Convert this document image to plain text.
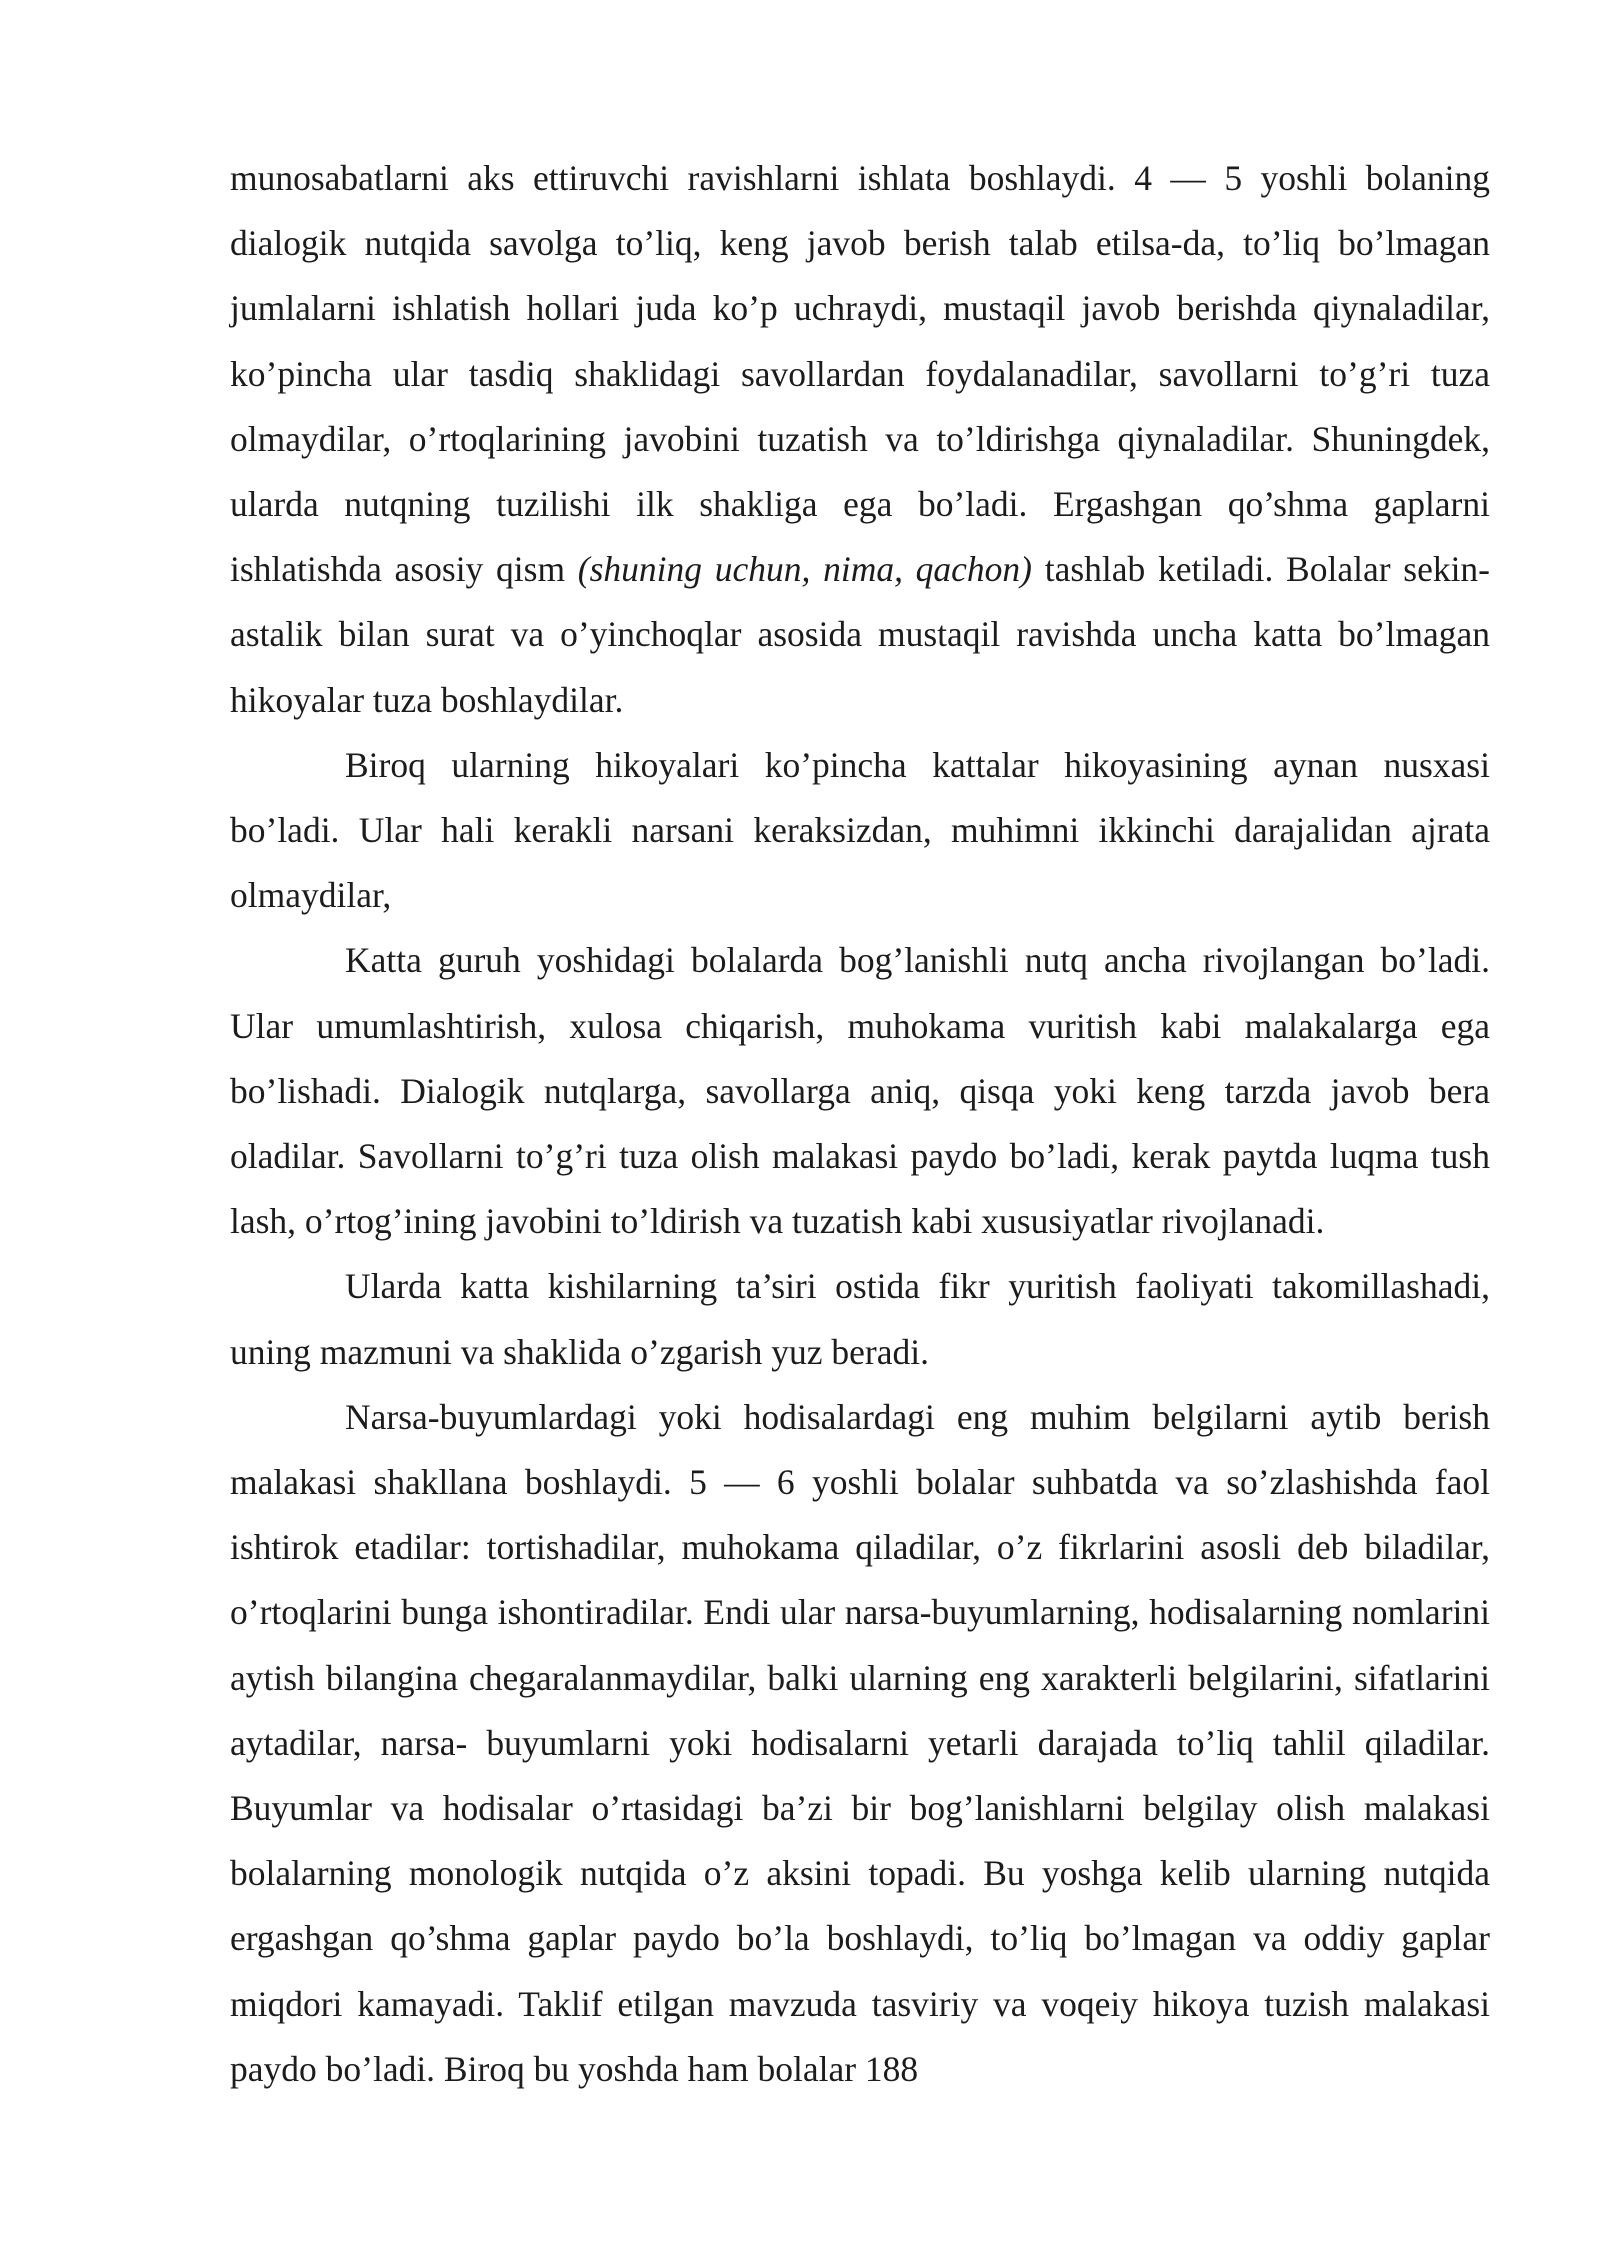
munosabatlarni aks ettiruvchi ravishlarni ishlata boshlaydi. 4 — 5 yoshli bolaning dialogik nutqida savolga to’liq, keng javob berish talab etilsa-da, to’liq bo’lmagan jumlalarni ishlatish hollari juda ko’p uchraydi, mustaqil javob berishda qiynaladilar, ko’pincha ular tasdiq shaklidagi savollardan foydalanadilar, savollarni to’g’ri tuza olmaydilar, o’rtoqlarining javobini tuzatish va to’ldirishga qiynaladilar. Shuningdek, ularda nutqning tuzilishi ilk shakliga ega bo’ladi. Ergashgan qo’shma gaplarni ishlatishda asosiy qism (shuning uchun, nima, qachon) tashlab ketiladi. Bolalar sekin-astalik bilan surat va o’yinchoqlar asosida mustaqil ravishda uncha katta bo’lmagan hikoyalar tuza boshlaydilar.

Biroq ularning hikoyalari ko’pincha kattalar hikoyasining aynan nusxasi bo’ladi. Ular hali kerakli narsani keraksizdan, muhimni ikkinchi darajalidan ajrata olmaydilar,

Katta guruh yoshidagi bolalarda bog’lanishli nutq ancha rivojlangan bo’ladi. Ular umumlashtirish, xulosa chiqarish, muhokama vuritish kabi malakalarga ega bo’lishadi. Dialogik nutqlarga, savollarga aniq, qisqa yoki keng tarzda javob bera oladilar. Savollarni to’g’ri tuza olish malakasi paydo bo’ladi, kerak paytda luqma tush lash, o’rtog’ining javobini to’ldirish va tuzatish kabi xususiyatlar rivojlanadi.

Ularda katta kishilarning ta’siri ostida fikr yuritish faoliyati takomillashadi, uning mazmuni va shaklida o’zgarish yuz beradi.

Narsa-buyumlardagi yoki hodisalardagi eng muhim belgilarni aytib berish malakasi shakllana boshlaydi. 5 — 6 yoshli bolalar suhbatda va so’zlashishda faol ishtirok etadilar: tortishadilar, muhokama qiladilar, o’z fikrlarini asosli deb biladilar, o’rtoqlarini bunga ishontiradilar. Endi ular narsa-buyumlarning, hodisalarning nomlarini aytish bilangina chegaralanmaydilar, balki ularning eng xarakterli belgilarini, sifatlarini aytadilar, narsa- buyumlarni yoki hodisalarni yetarli darajada to’liq tahlil qiladilar. Buyumlar va hodisalar o’rtasidagi ba’zi bir bog’lanishlarni belgilay olish malakasi bolalarning monologik nutqida o’z aksini topadi. Bu yoshga kelib ularning nutqida ergashgan qo’shma gaplar paydo bo’la boshlaydi, to’liq bo’lmagan va oddiy gaplar miqdori kamayadi. Taklif etilgan mavzuda tasviriy va voqeiy hikoya tuzish malakasi paydo bo’ladi. Biroq bu yoshda ham bolalar 188
